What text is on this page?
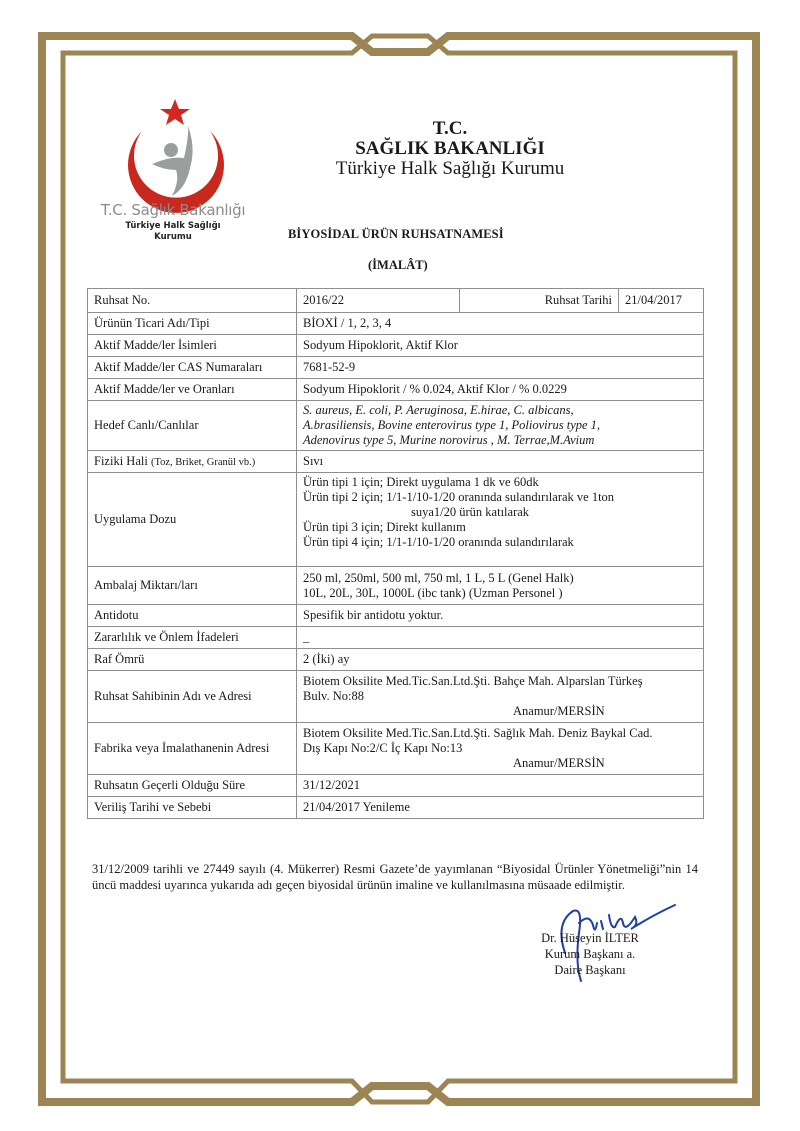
T.C. Sağlık Bakanlığı
Türkiye Halk Sağlığı
Kurumu
T.C.
SAĞLIK BAKANLIĞI
Türkiye Halk Sağlığı Kurumu
BİYOSİDAL ÜRÜN RUHSATNAMESİ
(İMALÂT)
Ruhsat No.	2016/22	Ruhsat Tarihi	21/04/2017
Ürünün Ticari Adı/Tipi	BİOXİ / 1, 2, 3, 4		
Aktif Madde/ler İsimleri	Sodyum Hipoklorit, Aktif Klor		
Aktif Madde/ler CAS Numaraları	7681-52-9		
Aktif Madde/ler ve Oranları	Sodyum Hipoklorit / % 0.024, Aktif Klor / % 0.0229		
Hedef Canlı/Canlılar	S. aureus, E. coli, P. Aeruginosa, E.hirae, C. albicans,
A.brasiliensis, Bovine enterovirus type 1, Poliovirus type 1,
Adenovirus type 5, Murine norovirus , M. Terrae,M.Avium		

Fiziki Hali (Toz, Briket, Granül vb.)	Sıvı		
Uygulama Dozu	Ürün tipi 1 için; Direkt uygulama 1 dk ve 60dk
Ürün tipi 2 için; 1/1-1/10-1/20 oranında sulandırılarak ve 1ton
suya1/20 ürün katılarak
Ürün tipi 3 için; Direkt kullanım
Ürün tipi 4 için; 1/1-1/10-1/20 oranında sulandırılarak		

Ambalaj Miktarı/ları	250 ml, 250ml, 500 ml, 750 ml, 1 L, 5 L (Genel Halk)
10L, 20L, 30L, 1000L (ibc tank) (Uzman Personel )		

Antidotu	Spesifik bir antidotu yoktur.		
Zararlılık ve Önlem İfadeleri	_		
Raf Ömrü	2 (İki) ay		
Ruhsat Sahibinin Adı ve Adresi	Biotem Oksilite Med.Tic.San.Ltd.Şti. Bahçe Mah. Alparslan Türkeş
Bulv. No:88
Anamur/MERSİN		

Fabrika veya İmalathanenin Adresi	Biotem Oksilite Med.Tic.San.Ltd.Şti. Sağlık Mah. Deniz Baykal Cad.
Dış Kapı No:2/C İç Kapı No:13
Anamur/MERSİN		

Ruhsatın Geçerli Olduğu Süre	31/12/2021		
Veriliş Tarihi ve Sebebi	21/04/2017 Yenileme		
31/12/2009 tarihli ve 27449 sayılı (4. Mükerrer) Resmi Gazete’de yayımlanan “Biyosidal Ürünler Yönetmeliği”nin 14 üncü maddesi uyarınca yukarıda adı geçen biyosidal ürünün imaline ve kullanılmasına müsaade edilmiştir.
Dr. Hüseyin İLTER
Kurum Başkanı a.
Daire Başkanı
